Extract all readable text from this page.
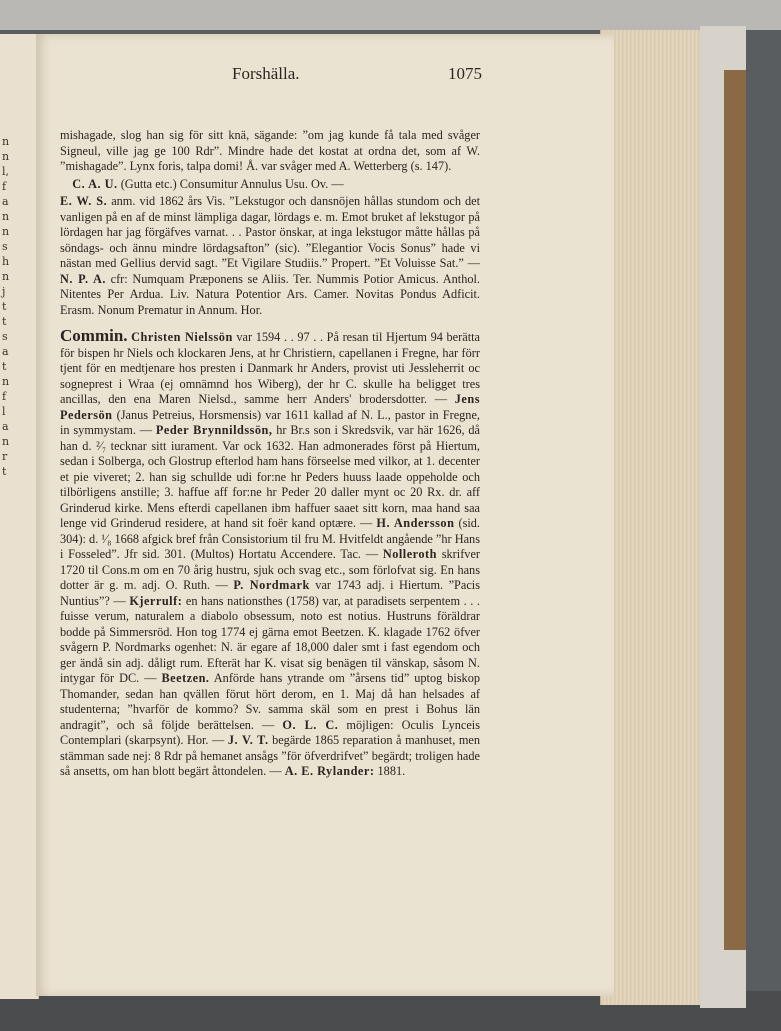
n
n
l,
f
a
n
n
s
h
n
j
t
t
s
a
t
n
f
l
a
n
r
t
Forshälla.	1075

mishagade, slog han sig för sitt knä, sägande: ”om jag kunde få tala med svåger Signeul, ville jag ge 100 Rdr”. Mindre hade det kostat at ordna det, som af W. ”mishagade”. Lynx foris, talpa domi! Å. var svåger med A. Wetterberg (s. 147).

 C. A. U. (Gutta etc.) Consumitur Annulus Usu. Ov. —

E. W. S. anm. vid 1862 års Vis. ”Lekstugor och dansnöjen hållas stundom och det vanligen på en af de minst lämpliga dagar, lördags e. m. Emot bruket af lekstugor på lördagen har jag förgäfves varnat. . . Pastor önskar, at inga lekstugor måtte hållas på söndags- och ännu mindre lördagsafton” (sic). ”Elegantior Vocis Sonus” hade vi nästan med Gellius dervid sagt. ”Et Vigilare Studiis.” Propert. ”Et Voluisse Sat.” — N. P. A. cfr: Numquam Præponens se Aliis. Ter. Nummis Potior Amicus. Anthol. Nitentes Per Ardua. Liv. Natura Potentior Ars. Camer. Novitas Pondus Adficit. Erasm. Nonum Prematur in Annum. Hor.

Commin. Christen Nielssön var 1594 . . 97 . . På resan til Hjertum 94 berätta för bispen hr Niels och klockaren Jens, at hr Christiern, capellanen i Fregne, har förr tjent för en medtjenare hos presten i Danmark hr Anders, provist uti Jessleherrit oc sogneprest i Wraa (ej omnämnd hos Wiberg), der hr C. skulle ha beligget tres ancillas, den ena Maren Nielsd., samme herr Anders' brodersdotter. — Jens Pedersön (Janus Petreius, Horsmensis) var 1611 kallad af N. L., pastor in Fregne, in symmystam. — Peder Brynnildssön, hr Br.s son i Skredsvik, var här 1626, då han d. ²⁄₇ tecknar sitt iurament. Var ock 1632. Han admonerades först på Hiertum, sedan i Solberga, och Glostrup efterlod ham hans förseelse med vilkor, at 1. decenter et pie viveret; 2. han sig schullde udi for:ne hr Peders huuss laade oppeholde och tilbörligens anstille; 3. haffue aff for:ne hr Peder 20 daller mynt oc 20 Rx. dr. aff Grinderud kirke. Mens efterdi capellanen ibm haffuer saaet sitt korn, maa hand saa lenge vid Grinderud residere, at hand sit foër kand optære. — H. Andersson (sid. 304): d. ¹⁄₈ 1668 afgick bref från Consistorium til fru M. Hvitfeldt angående ”hr Hans i Fosseled”. Jfr sid. 301. (Multos) Hortatu Accendere. Tac. — Nolleroth skrifver 1720 til Cons.m om en 70 årig hustru, sjuk och svag etc., som förlofvat sig. En hans dotter är g. m. adj. O. Ruth. — P. Nordmark var 1743 adj. i Hiertum. ”Pacis Nuntius”? — Kjerrulf: en hans nationsthes (1758) var, at paradisets serpentem . . . fuisse verum, naturalem a diabolo obsessum, noto est notius. Hustruns föräldrar bodde på Simmersröd. Hon tog 1774 ej gärna emot Beetzen. K. klagade 1762 öfver svågern P. Nordmarks ogenhet: N. är egare af 18,000 daler smt i fast egendom och ger ändå sin adj. dåligt rum. Efterät har K. visat sig benägen til vänskap, såsom N. intygar för DC. — Beetzen. Anförde hans ytrande om ”årsens tid” uptog biskop Thomander, sedan han qvällen förut hört derom, en 1. Maj då han helsades af studenterna; ”hvarför de kommo? Sv. samma skäl som en prest i Bohus län andragit”, och så följde berättelsen. — O. L. C. möjligen: Oculis Lynceis Contemplari (skarpsynt). Hor. — J. V. T. begärde 1865 reparation å manhuset, men stämman sade nej: 8 Rdr på hemanet ansågs ”för öfverdrifvet” begärdt; troligen hade så ansetts, om han blott begärt åttondelen. — A. E. Rylander: 1881.
